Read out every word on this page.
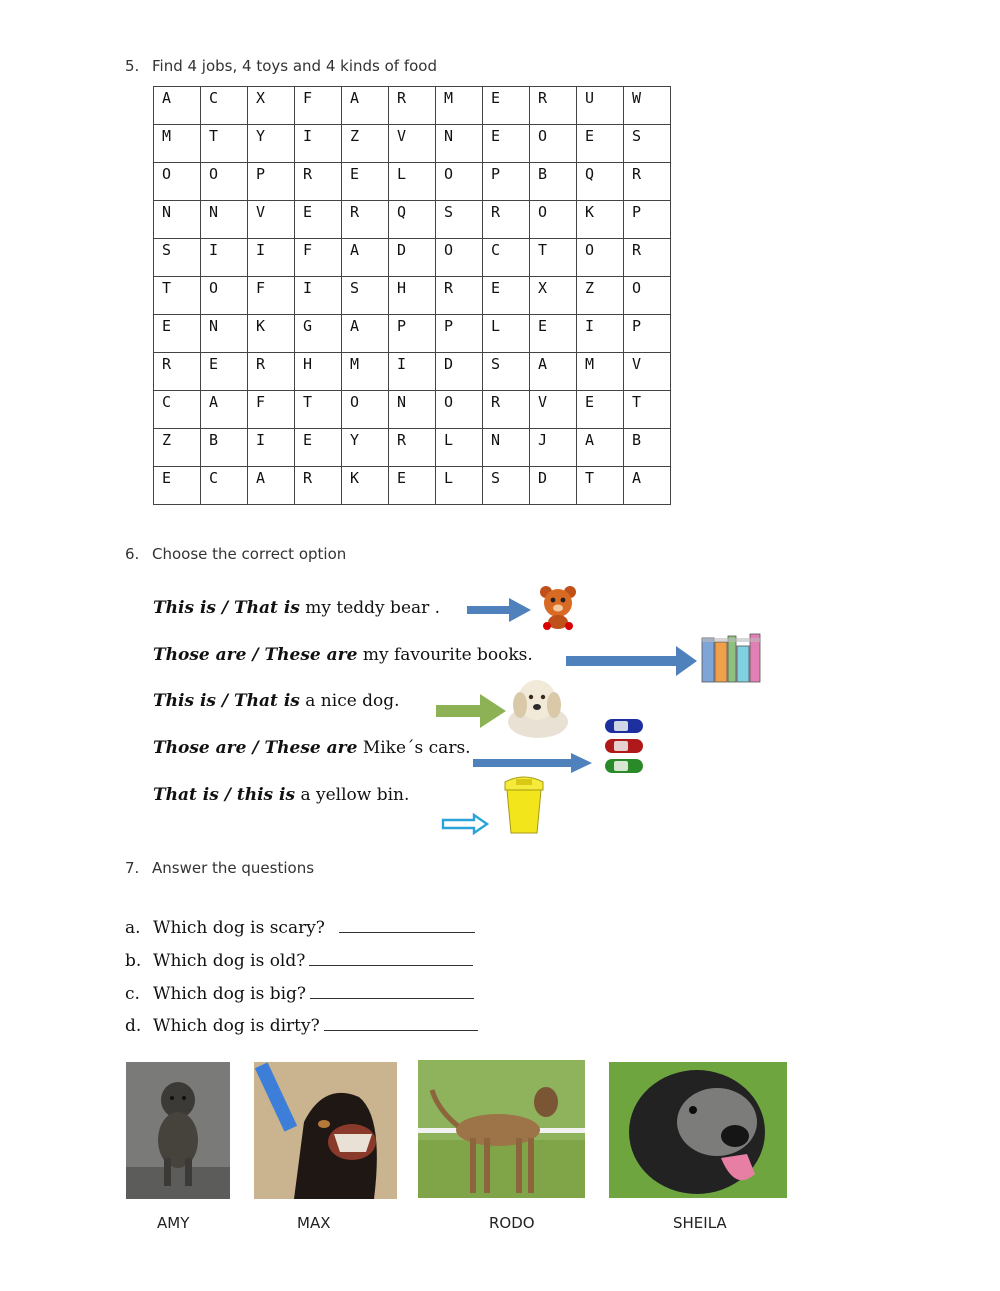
5. Find 4 jobs, 4 toys and 4 kinds of food
A	C	X	F	A	R	M	E	R	U	W
M	T	Y	I	Z	V	N	E	O	E	S
O	O	P	R	E	L	O	P	B	Q	R
N	N	V	E	R	Q	S	R	O	K	P
S	I	I	F	A	D	O	C	T	O	R
T	O	F	I	S	H	R	E	X	Z	O
E	N	K	G	A	P	P	L	E	I	P
R	E	R	H	M	I	D	S	A	M	V
C	A	F	T	O	N	O	R	V	E	T
Z	B	I	E	Y	R	L	N	J	A	B
E	C	A	R	K	E	L	S	D	T	A
6. Choose the correct option
This is / That is my teddy bear .
Those are / These are my favourite books.
This is / That is a nice dog.
Those are / These are Mike´s cars.
That is / this is a yellow bin.
7. Answer the questions
a. Which dog is scary?
b. Which dog is old?
c. Which dog is big?
d. Which dog is dirty?
AMY	MAX	RODO	SHEILA
